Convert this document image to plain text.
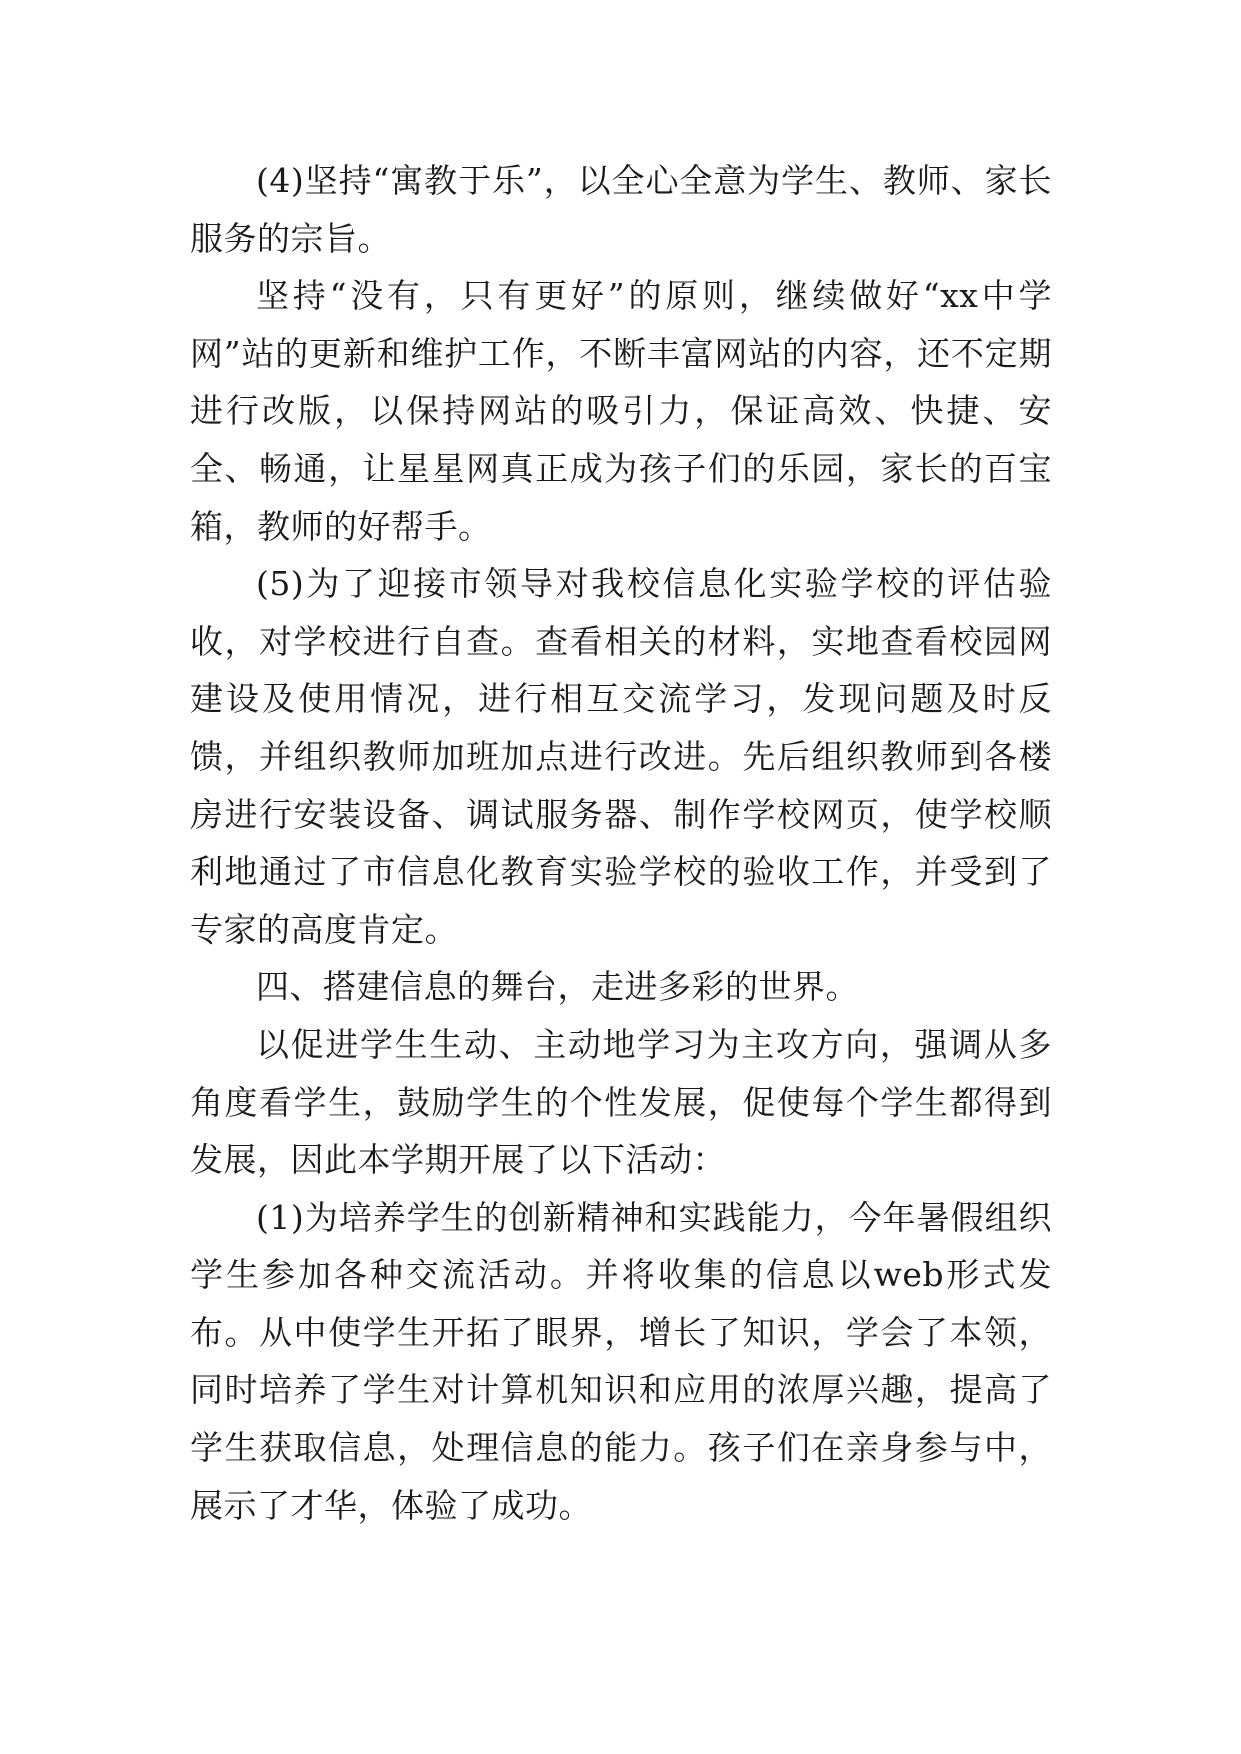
(4)坚持“寓教于乐”，以全心全意为学生、教师、家长服务的宗旨。

坚持“没有，只有更好”的原则，继续做好“xx中学网”站的更新和维护工作，不断丰富网站的内容，还不定期进行改版，以保持网站的吸引力，保证高效、快捷、安全、畅通，让星星网真正成为孩子们的乐园，家长的百宝箱，教师的好帮手。

(5)为了迎接市领导对我校信息化实验学校的评估验收，对学校进行自查。查看相关的材料，实地查看校园网建设及使用情况，进行相互交流学习，发现问题及时反馈，并组织教师加班加点进行改进。先后组织教师到各楼房进行安装设备、调试服务器、制作学校网页，使学校顺利地通过了市信息化教育实验学校的验收工作，并受到了专家的高度肯定。

四、搭建信息的舞台，走进多彩的世界。

以促进学生生动、主动地学习为主攻方向，强调从多角度看学生，鼓励学生的个性发展，促使每个学生都得到发展，因此本学期开展了以下活动：

(1)为培养学生的创新精神和实践能力，今年暑假组织学生参加各种交流活动。并将收集的信息以web形式发布。从中使学生开拓了眼界，增长了知识，学会了本领，同时培养了学生对计算机知识和应用的浓厚兴趣，提高了学生获取信息，处理信息的能力。孩子们在亲身参与中，展示了才华，体验了成功。
